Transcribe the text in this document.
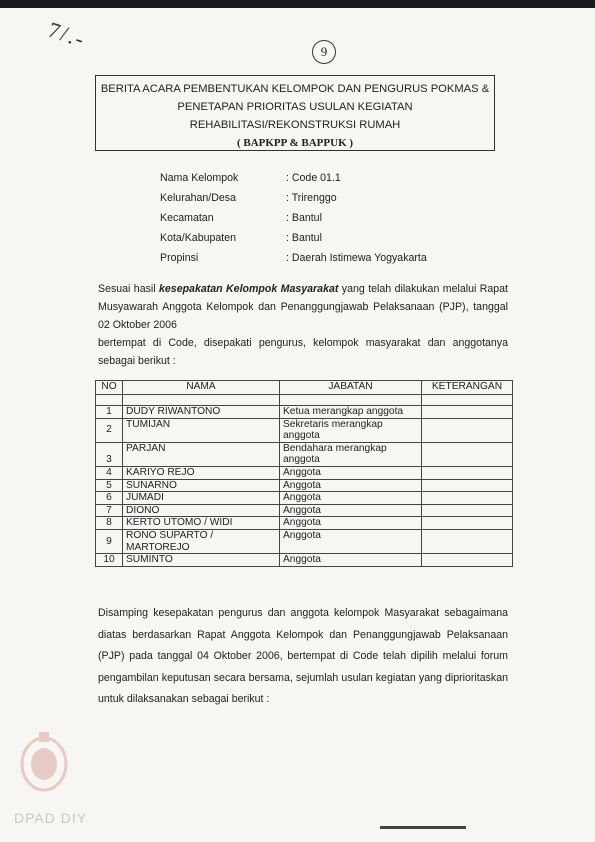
7/.-	9
BERITA ACARA PEMBENTUKAN KELOMPOK DAN PENGURUS POKMAS &
PENETAPAN PRIORITAS USULAN KEGIATAN
REHABILITASI/REKONSTRUKSI RUMAH
( BAPKPP & BAPPUK )
Nama Kelompok	: Code 01.1
Kelurahan/Desa	: Trirenggo
Kecamatan	: Bantul
Kota/Kabupaten	: Bantul
Propinsi	: Daerah Istimewa Yogyakarta
Sesuai hasil kesepakatan Kelompok Masyarakat yang telah dilakukan melalui Rapat Musyawarah Anggota Kelompok dan Penanggungjawab Pelaksanaan (PJP), tanggal 02 Oktober 2006
bertempat di Code, disepakati pengurus, kelompok masyarakat dan anggotanya sebagai berikut :
NO	NAMA	JABATAN	KETERANGAN

1	DUDY RIWANTONO	Ketua merangkap anggota	
2	TUMIJAN	Sekretaris merangkap anggota	
3	PARJAN	Bendahara merangkap anggota	
4	KARIYO REJO	Anggota	
5	SUNARNO	Anggota	
6	JUMADI	Anggota	
7	DIONO	Anggota	
8	KERTO UTOMO / WIDI	Anggota	
9	RONO SUPARTO / MARTOREJO	Anggota	
10	SUMINTO	Anggota	
Disamping kesepakatan pengurus dan anggota kelompok Masyarakat sebagaimana diatas berdasarkan Rapat Anggota Kelompok dan Penanggungjawab Pelaksanaan (PJP) pada tanggal 04 Oktober 2006, bertempat di Code telah dipilih melalui forum pengambilan keputusan secara bersama, sejumlah usulan kegiatan yang diprioritaskan untuk dilaksanakan sebagai berikut :
DPAD DIY
